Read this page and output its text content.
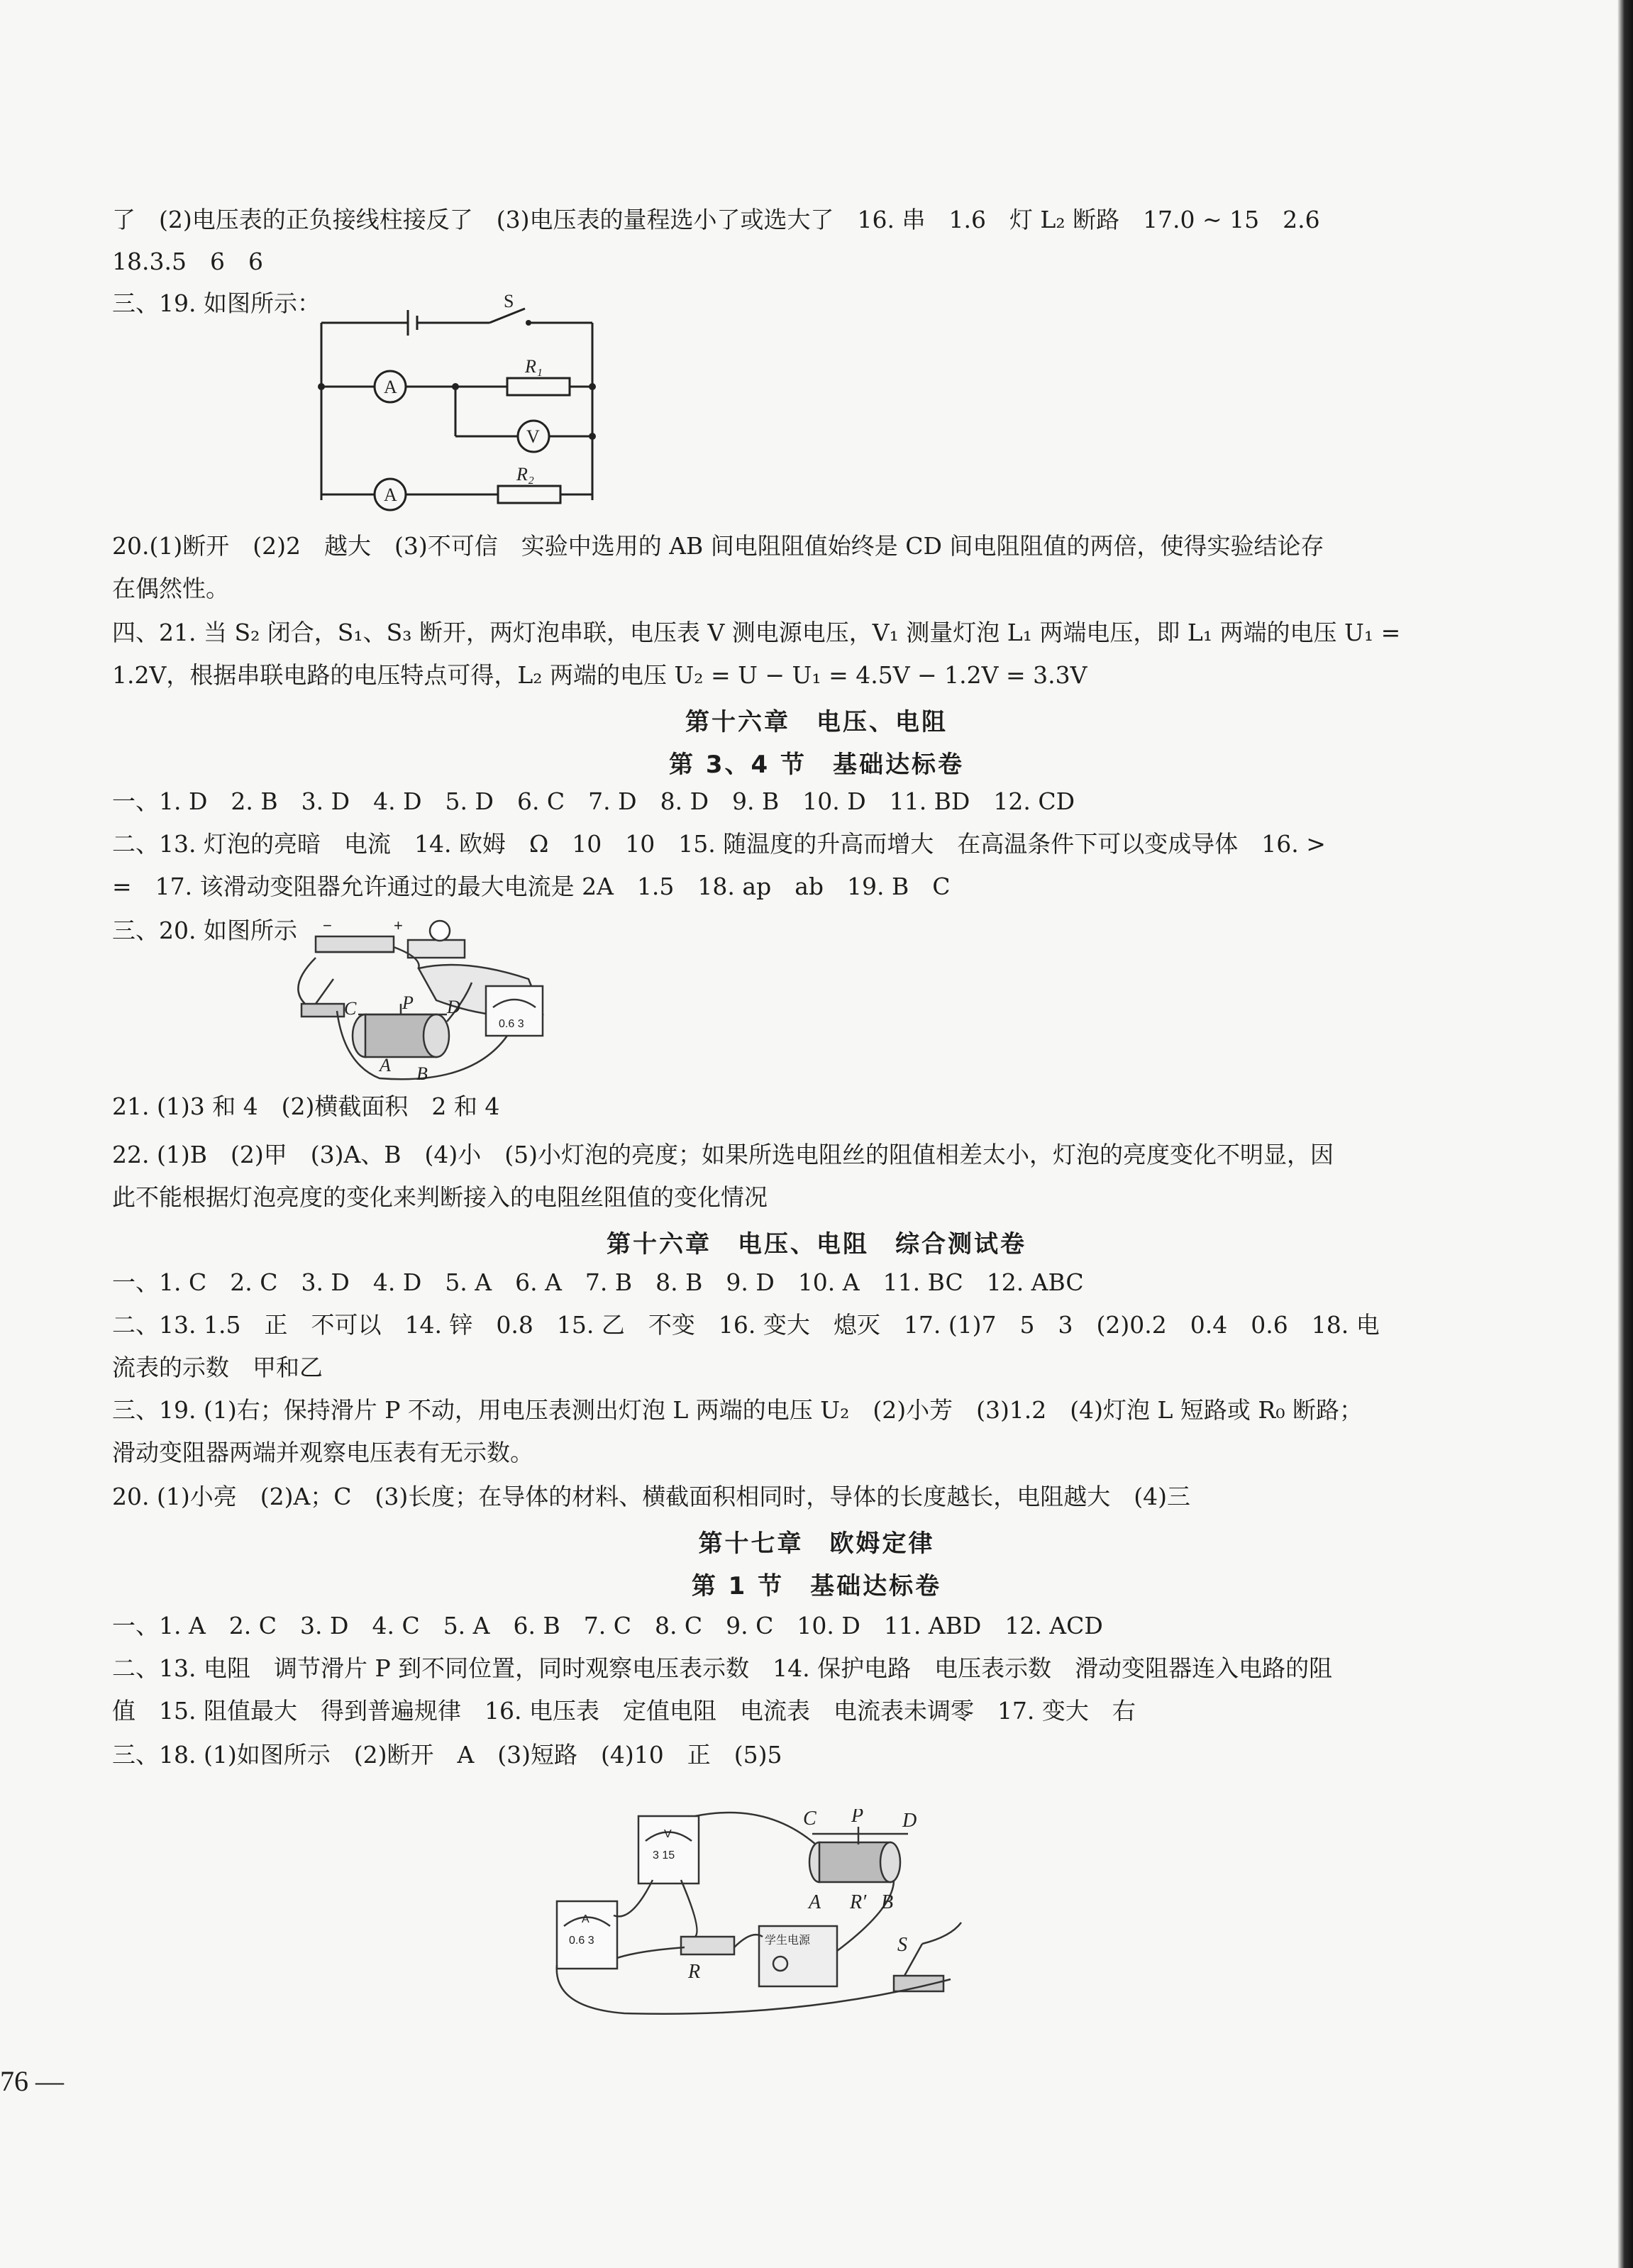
了　(2)电压表的正负接线柱接反了　(3)电压表的量程选小了或选大了　16. 串　1.6　灯 L₂ 断路　17.0 ~ 15　2.6
18.3.5　6　6
三、19. 如图所示：	S
A
V
A
R₁
R₂
20.(1)断开　(2)2　越大　(3)不可信　实验中选用的 AB 间电阻阻值始终是 CD 间电阻阻值的两倍，使得实验结论存
在偶然性。
四、21. 当 S₂ 闭合，S₁、S₃ 断开，两灯泡串联，电压表 V 测电源电压，V₁ 测量灯泡 L₁ 两端电压，即 L₁ 两端的电压 U₁ =
1.2V，根据串联电路的电压特点可得，L₂ 两端的电压 U₂ = U − U₁ = 4.5V − 1.2V = 3.3V
第十六章　电压、电阻
第 3、4 节　基础达标卷
一、1. D　2. B　3. D　4. D　5. D　6. C　7. D　8. D　9. B　10. D　11. BD　12. CD
二、13. 灯泡的亮暗　电流　14. 欧姆　Ω　10　10　15. 随温度的升高而增大　在高温条件下可以变成导体　16. >
=　17. 该滑动变阻器允许通过的最大电流是 2A　1.5　18. ap　ab　19. B　C
三、20. 如图所示
C P D
A B
−	+
0.6 3
21. (1)3 和 4　(2)横截面积　2 和 4
22. (1)B　(2)甲　(3)A、B　(4)小　(5)小灯泡的亮度；如果所选电阻丝的阻值相差太小，灯泡的亮度变化不明显，因
此不能根据灯泡亮度的变化来判断接入的电阻丝阻值的变化情况
第十六章　电压、电阻　综合测试卷
一、1. C　2. C　3. D　4. D　5. A　6. A　7. B　8. B　9. D　10. A　11. BC　12. ABC
二、13. 1.5　正　不可以　14. 锌　0.8　15. 乙　不变　16. 变大　熄灭　17. (1)7　5　3　(2)0.2　0.4　0.6　18. 电
流表的示数　甲和乙
三、19. (1)右；保持滑片 P 不动，用电压表测出灯泡 L 两端的电压 U₂　(2)小芳　(3)1.2　(4)灯泡 L 短路或 R₀ 断路；
滑动变阻器两端并观察电压表有无示数。
20. (1)小亮　(2)A；C　(3)长度；在导体的材料、横截面积相同时，导体的长度越长，电阻越大　(4)三
第十七章　欧姆定律
第 1 节　基础达标卷
一、1. A　2. C　3. D　4. C　5. A　6. B　7. C　8. C　9. C　10. D　11. ABD　12. ACD
二、13. 电阻　调节滑片 P 到不同位置，同时观察电压表示数　14. 保护电路　电压表示数　滑动变阻器连入电路的阻
值　15. 阻值最大　得到普遍规律　16. 电压表　定值电阻　电流表　电流表未调零　17. 变大　右
三、18. (1)如图所示　(2)断开　A　(3)短路　(4)10　正　(5)5
C P D
A R′ B
R
S
V
3 15
A
0.6 3	学生电源
76 —
